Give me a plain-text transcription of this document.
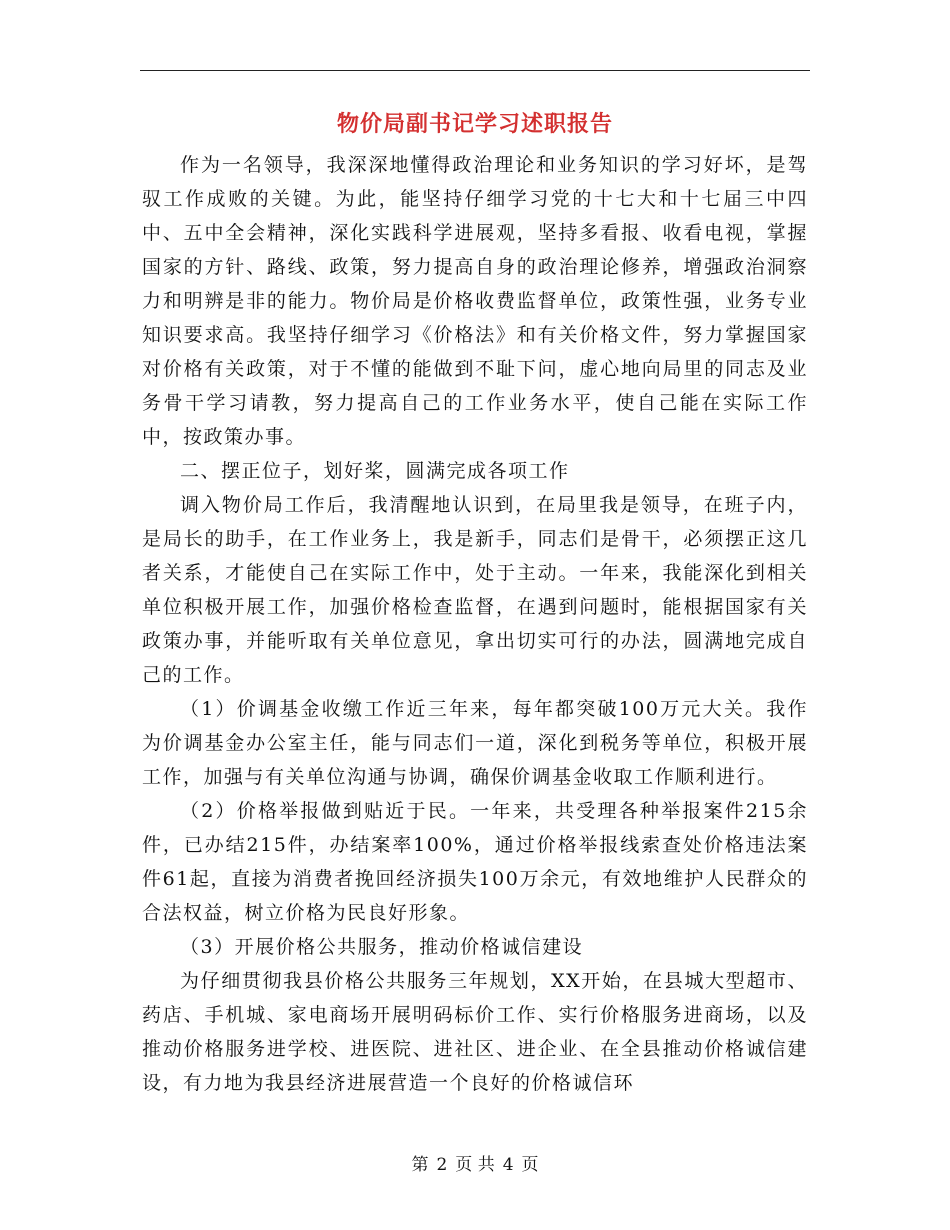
物价局副书记学习述职报告

作为一名领导，我深深地懂得政治理论和业务知识的学习好坏，是驾驭工作成败的关键。为此，能坚持仔细学习党的十七大和十七届三中四中、五中全会精神，深化实践科学进展观，坚持多看报、收看电视，掌握国家的方针、路线、政策，努力提高自身的政治理论修养，增强政治洞察力和明辨是非的能力。物价局是价格收费监督单位，政策性强，业务专业知识要求高。我坚持仔细学习《价格法》和有关价格文件，努力掌握国家对价格有关政策，对于不懂的能做到不耻下问，虚心地向局里的同志及业务骨干学习请教，努力提高自己的工作业务水平，使自己能在实际工作中，按政策办事。

二、摆正位子，划好桨，圆满完成各项工作

调入物价局工作后，我清醒地认识到，在局里我是领导，在班子内，是局长的助手，在工作业务上，我是新手，同志们是骨干，必须摆正这几者关系，才能使自己在实际工作中，处于主动。一年来，我能深化到相关单位积极开展工作，加强价格检查监督，在遇到问题时，能根据国家有关政策办事，并能听取有关单位意见，拿出切实可行的办法，圆满地完成自己的工作。

（1）价调基金收缴工作近三年来，每年都突破100万元大关。我作为价调基金办公室主任，能与同志们一道，深化到税务等单位，积极开展工作，加强与有关单位沟通与协调，确保价调基金收取工作顺利进行。

（2）价格举报做到贴近于民。一年来，共受理各种举报案件215余件，已办结215件，办结案率100%，通过价格举报线索查处价格违法案件61起，直接为消费者挽回经济损失100万余元，有效地维护人民群众的合法权益，树立价格为民良好形象。

（3）开展价格公共服务，推动价格诚信建设

为仔细贯彻我县价格公共服务三年规划，XX开始，在县城大型超市、药店、手机城、家电商场开展明码标价工作、实行价格服务进商场，以及推动价格服务进学校、进医院、进社区、进企业、在全县推动价格诚信建设，有力地为我县经济进展营造一个良好的价格诚信环

第 2 页 共 4 页
